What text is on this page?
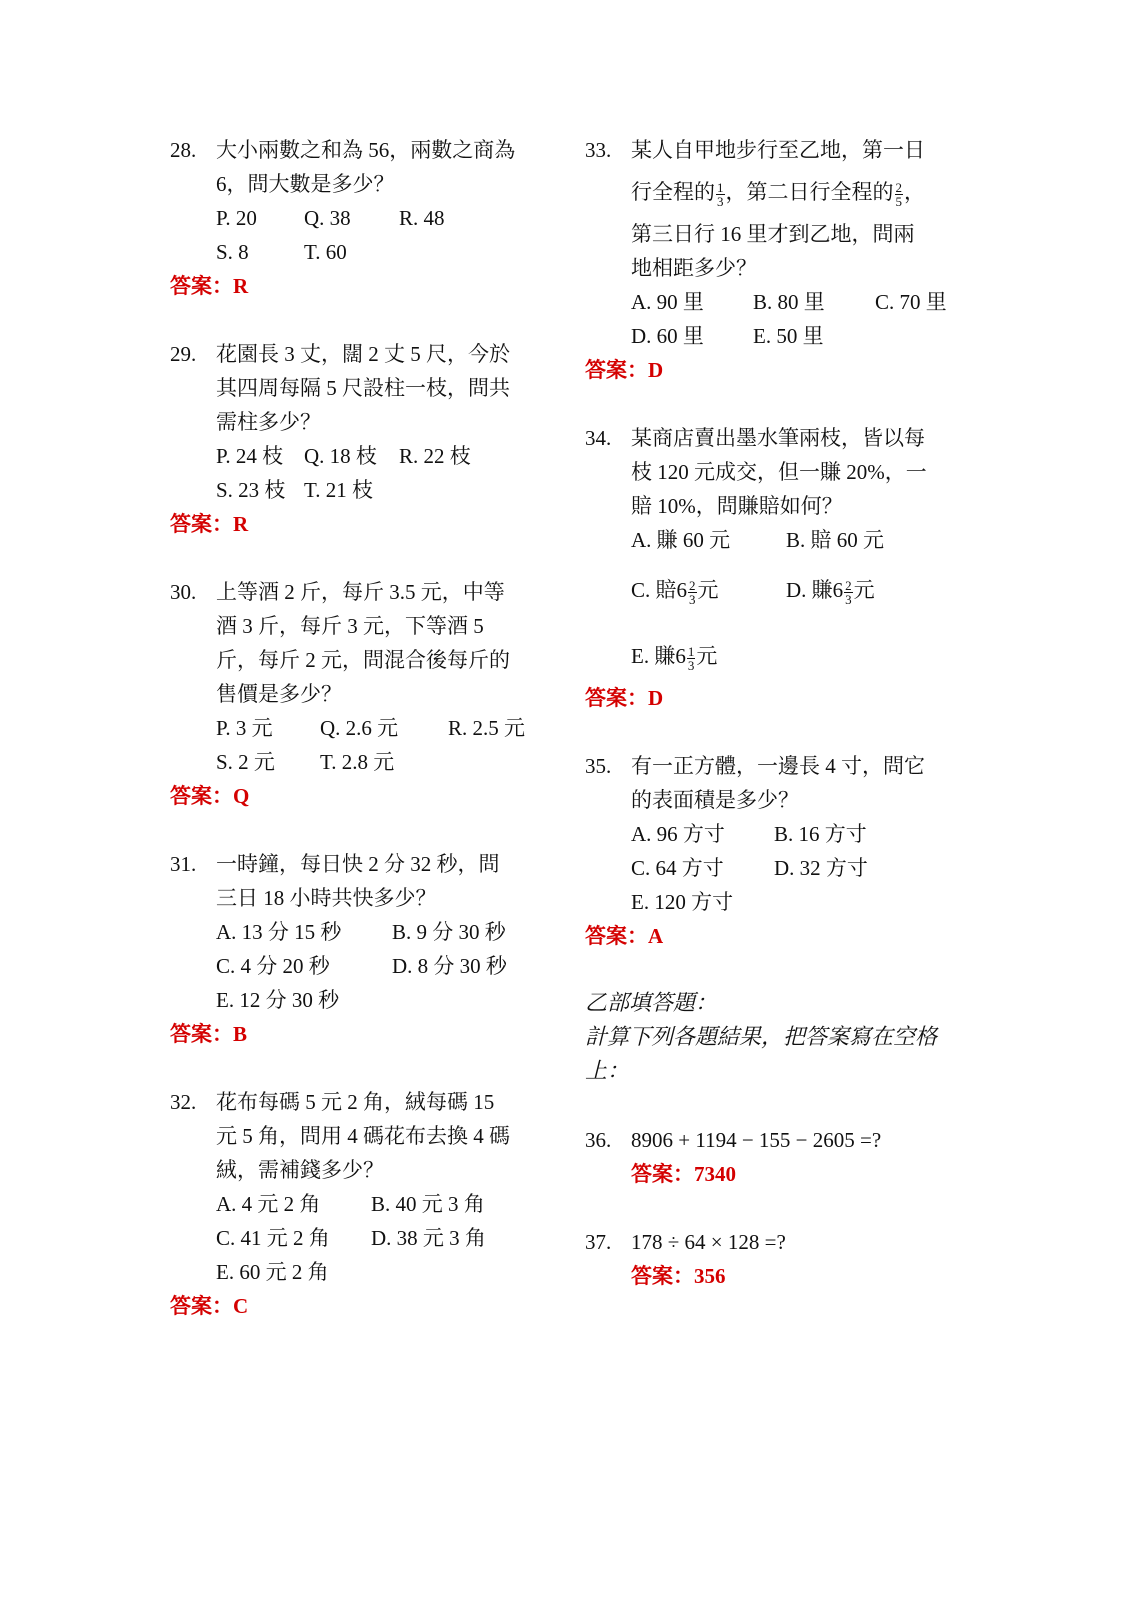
28. 大小兩數之和為 56，兩數之商為
6，問大數是多少？
P. 20	Q. 38	R. 48
S. 8	T. 60
答案：R
29. 花園長 3 丈，闊 2 丈 5 尺，今於
其四周每隔 5 尺設柱一枝，問共
需柱多少？
P. 24 枝 Q. 18 枝	R. 22 枝
S. 23 枝 T. 21 枝
答案：R
30. 上等酒 2 斤，每斤 3.5 元，中等
酒 3 斤，每斤 3 元，下等酒 5
斤，每斤 2 元，問混合後每斤的
售價是多少？
P. 3 元	Q. 2.6 元	R. 2.5 元
S. 2 元	T. 2.8 元
答案：Q
31. 一時鐘，每日快 2 分 32 秒，問
三日 18 小時共快多少？
A. 13 分 15 秒	B. 9 分 30 秒
C. 4 分 20 秒	D. 8 分 30 秒
E. 12 分 30 秒
答案：B
32. 花布每碼 5 元 2 角，絨每碼 15
元 5 角，問用 4 碼花布去換 4 碼
絨，需補錢多少？
A. 4 元 2 角	B. 40 元 3 角
C. 41 元 2 角	D. 38 元 3 角
E. 60 元 2 角
答案：C
33. 某人自甲地步行至乙地，第一日
行全程的 $\frac{1}{3}$ ，第二日行全程的 $\frac{2}{5}$ ，
第三日行 16 里才到乙地，問兩
地相距多少？
A. 90 里	B. 80 里	C. 70 里
D. 60 里	E. 50 里
答案：D
34. 某商店賣出墨水筆兩枝，皆以每
枝 120 元成交，但一賺 20%，一
賠 10%，問賺賠如何？
A. 賺 60 元	B. 賠 60 元
C. 賠$6 \frac{2}{3}$ 元	D. 賺$6 \frac{2}{3}$ 元
E. 賺$6 \frac{1}{3}$ 元
答案：D
35. 有一正方體，一邊長 4 寸，問它
的表面積是多少？
A. 96 方寸	B. 16 方寸
C. 64 方寸	D. 32 方寸
E. 120 方寸
答案：A
乙部填答題：
計算下列各題結果，把答案寫在空格
上：
36. 8906 + 1194 − 155 − 2605 =?
答案：7340
37. 178 ÷ 64 × 128 =?
答案：356
